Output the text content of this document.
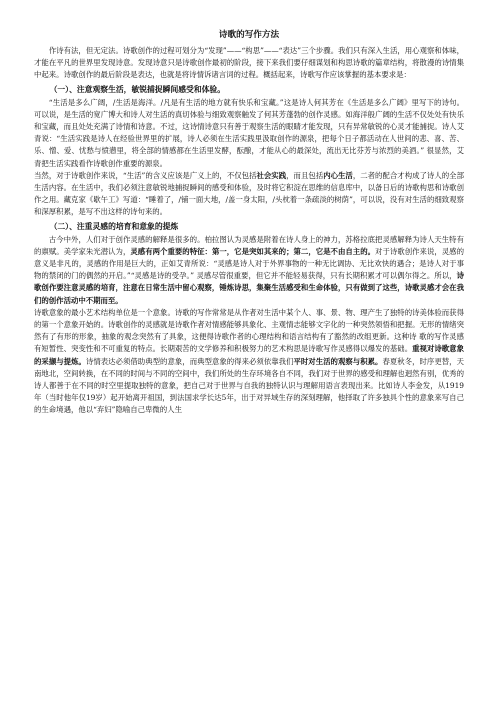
诗歌的写作方法

作诗有法，但无定法。诗歌创作的过程可划分为“发现”——“构思”——“表达”三个步骤。我们只有深入生活，用心观察和体味，才能在平凡的世界里发现诗意。发现诗意只是诗歌创作最初的阶段，接下来我们要仔细谋划和构思诗歌的篇章结构，将散漫的诗情集中起来。诗歌创作的最后阶段是表达，也就是将诗情诉诸言词的过程。概括起来，诗歌写作应该掌握的基本要求是：

（一）、注意观察生活，敏锐捕捉瞬间感受和体验。

“生活是多么广阔，/生活是海洋。/凡是有生活的地方就有快乐和宝藏。”这是诗人何其芳在《生活是多么广阔》里写下的诗句。可以说，是生活的宽广博大和诗人对生活的真切体验与细致观察触发了何其芳蓬勃的创作灵感。如海洋般广阔的生活不仅处处有快乐和宝藏，而且处处充满了诗情和诗意。不过，这诗情诗意只有善于观察生活的眼睛才能发现，只有异常敏锐的心灵才能捕捉。诗人艾青说：“生活实践是诗人在经验世界里的扩展，诗人必须在生活实践里汲取创作的源泉，把每个日子都活动在人世间的悲、喜、苦、乐、憎、爱、忧愁与愤懑里，将全部的情感都在生活里发酵，酝酿，才能从心的最深处，流出无比芬芳与浓烈的美酒。” 很显然，艾青把生活实践看作诗歌创作重要的源泉。

当然，对于诗歌创作来说，“生活”的含义应该是广义上的，不仅包括社会实践，而且包括内心生活，二者的配合才构成了诗人的全部生活内容。在生活中，我们必须注意敏锐地捕捉瞬间的感受和体验，及时将它积淀在思维的信息库中，以备日后的诗歌构思和诗歌创作之用。藏克家《歇午工》写道：“睡着了，/铺一面大地，/盖一身太阳，/头枕着一条疏淡的树荫”，可以说，没有对生活的细致观察和深厚积累，是写不出这样的诗句来的。

（二）、注重灵感的培育和意象的提炼

古今中外，人们对于创作灵感的解释是很多的。柏拉图认为灵感是附着在诗人身上的神力，苏格拉底把灵感解释为诗人天生特有的禀赋。美学家朱光潜认为，灵感有两个重要的特征：第一，它是突如其来的；第二，它是不由自主的。对于诗歌创作来说，灵感的意义是非凡的，灵感的作用是巨大的，正如艾青所说：“灵感是诗人对于外界事物的一种无比调协、无比欢快的遇合；是诗人对于事物的禁闭的门的偶然的开启。”“灵感是诗的受孕。” 灵感尽管很重要，但它并不能轻易获得，只有长期积累才可以偶尔得之。所以，诗歌创作要注意灵感的培育，注意在日常生活中留心观察，锤炼诗思，集聚生活感受和生命体验，只有做到了这些，诗歌灵感才会在我们的创作活动中不期而至。

诗歌意象的最小艺术结构单位是一个意象。诗歌的写作常常是从作者对生活中某个人、事、景、物、理产生了独特的诗美体验而获得的第一个意象开始的。诗歌创作的灵感就是诗歌作者对情感能够具象化、主观情志能够文字化的一种突然领悟和把握。无形的情绪突然有了有形的形象，抽象的观念突然有了具象，这便得诗歌作者的心理结构和语言结构有了豁然的改组更新。这种诗 歌的写作灵感有短暂性、突变性和不可重复的特点。长期艰苦的文学修养和积极努力的艺术构思是诗歌写作灵感得以爆发的基础。重视对诗歌意象的采撷与提炼。诗情表达必须借助典型的意象，而典型意象的得来必须依靠我们平时对生活的观察与积累。春夏秋冬，时序更替，天南地北，空间转换，在不同的时间与不同的空间中，我们所处的生存环境各自不同，我们对于世界的感受和理解也迥然有别，优秀的诗人都善于在不同的时空里提取独特的意象，把自己对于世界与自我的独特认识与理解用语言表现出来。比如诗人李金发，从1919年（当时他年仅19岁）起开始离开祖国，到法国求学长达5年，出于对异域生存的深刻理解，他择取了许多独具个性的意象来写自己的生命境遇，他以“弃妇”隐喻自己卑微的人生
